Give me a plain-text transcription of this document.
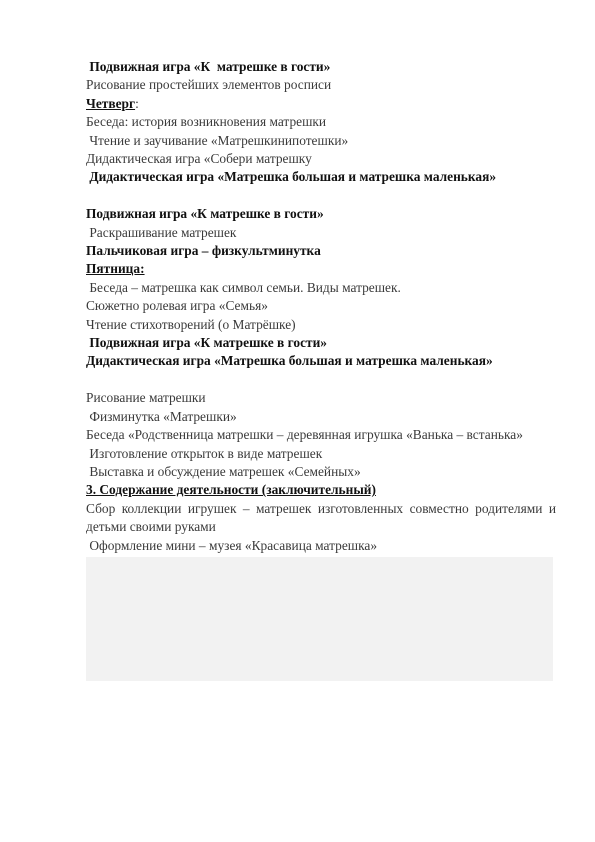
Подвижная игра «К  матрешке в гости»

Рисование простейших элементов росписи

Четверг:

Беседа: история возникновения матрешки

Чтение и заучивание «Матрешкинипотешки»

Дидактическая игра «Собери матрешку

Дидактическая игра «Матрешка большая и матрешка маленькая»

Подвижная игра «К матрешке в гости»

Раскрашивание матрешек

Пальчиковая игра – физкультминутка

Пятница:

Беседа – матрешка как символ семьи. Виды матрешек.

Сюжетно ролевая игра «Семья»

Чтение стихотворений (о Матрёшке)

Подвижная игра «К матрешке в гости»

Дидактическая игра «Матрешка большая и матрешка маленькая»

Рисование матрешки

Физминутка «Матрешки»

Беседа «Родственница матрешки – деревянная игрушка «Ванька – встанька»

Изготовление открыток в виде матрешек

Выставка и обсуждение матрешек «Семейных»

3. Содержание деятельности (заключительный)

Сбор коллекции игрушек – матрешек изготовленных совместно родителями и детьми своими руками

Оформление мини – музея «Красавица матрешка»
